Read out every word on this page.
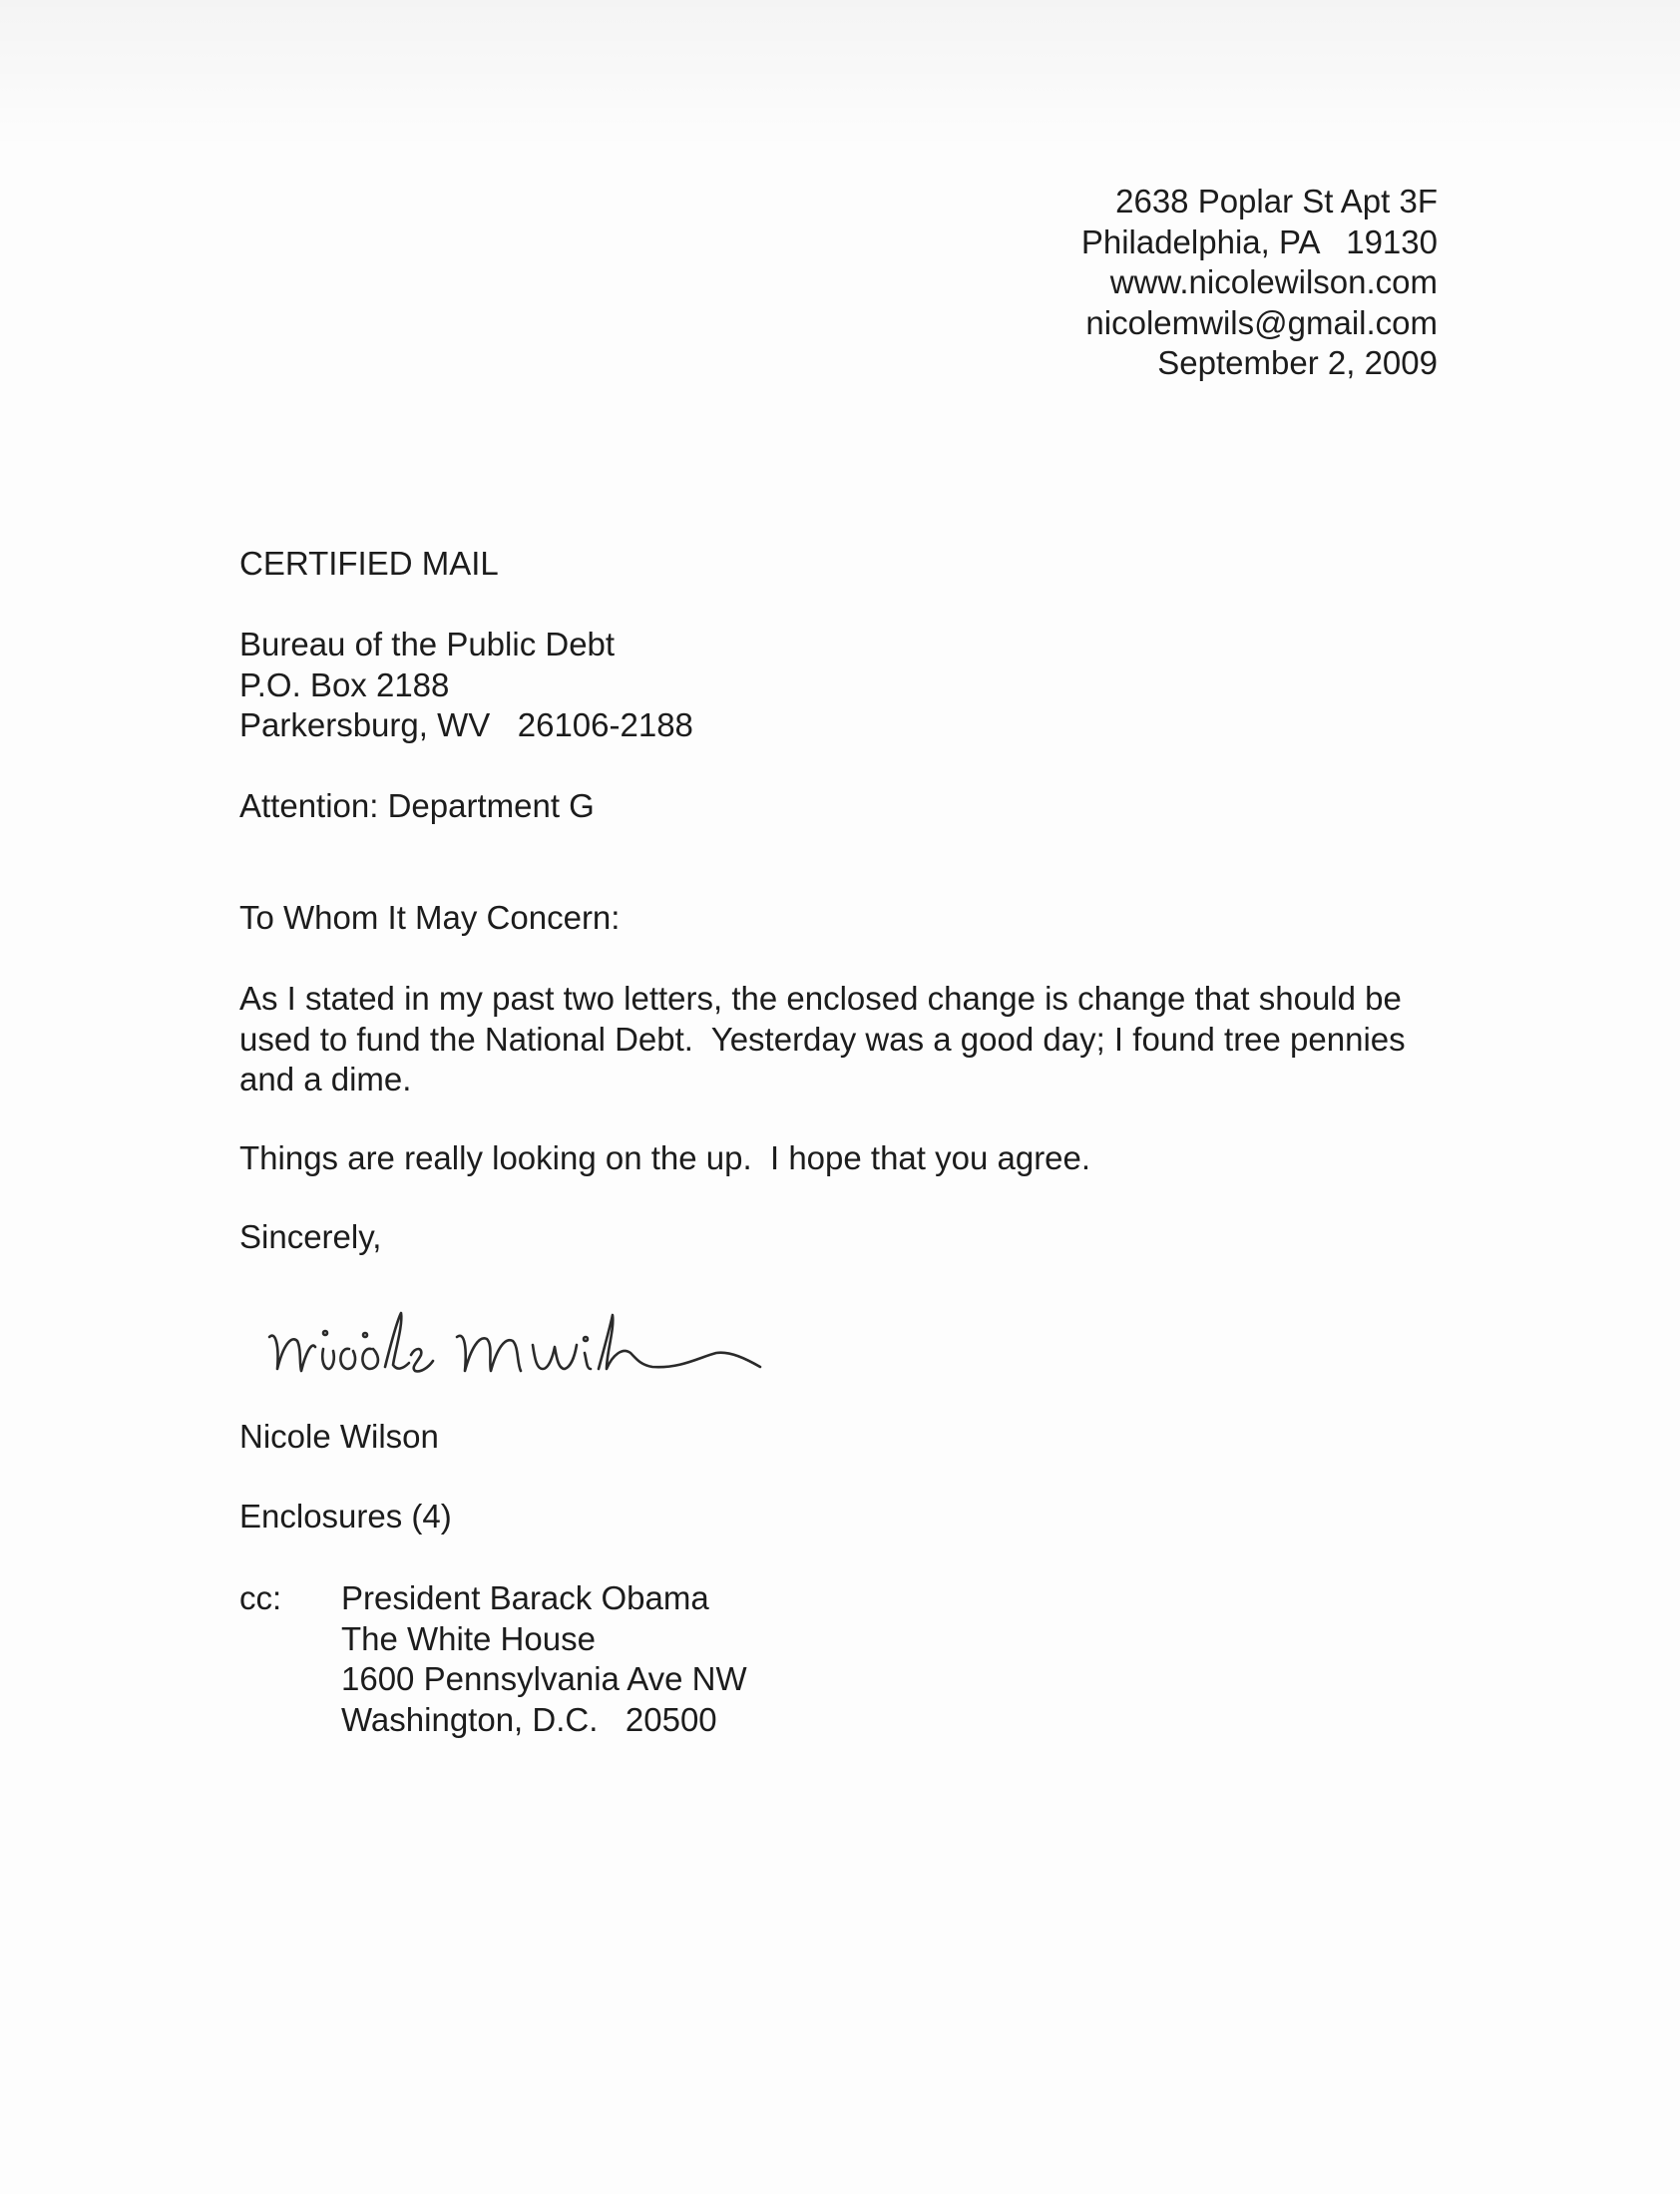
2638 Poplar St Apt 3F
Philadelphia, PA   19130
www.nicolewilson.com
nicolemwils@gmail.com
September 2, 2009
CERTIFIED MAIL
Bureau of the Public Debt
P.O. Box 2188
Parkersburg, WV   26106-2188
Attention: Department G
To Whom It May Concern:
As I stated in my past two letters, the enclosed change is change that should be
used to fund the National Debt.  Yesterday was a good day; I found tree pennies
and a dime.
Things are really looking on the up.  I hope that you agree.
Sincerely,
Nicole Wilson
Enclosures (4)
cc: President Barack Obama
The White House
1600 Pennsylvania Ave NW
Washington, D.C.   20500
